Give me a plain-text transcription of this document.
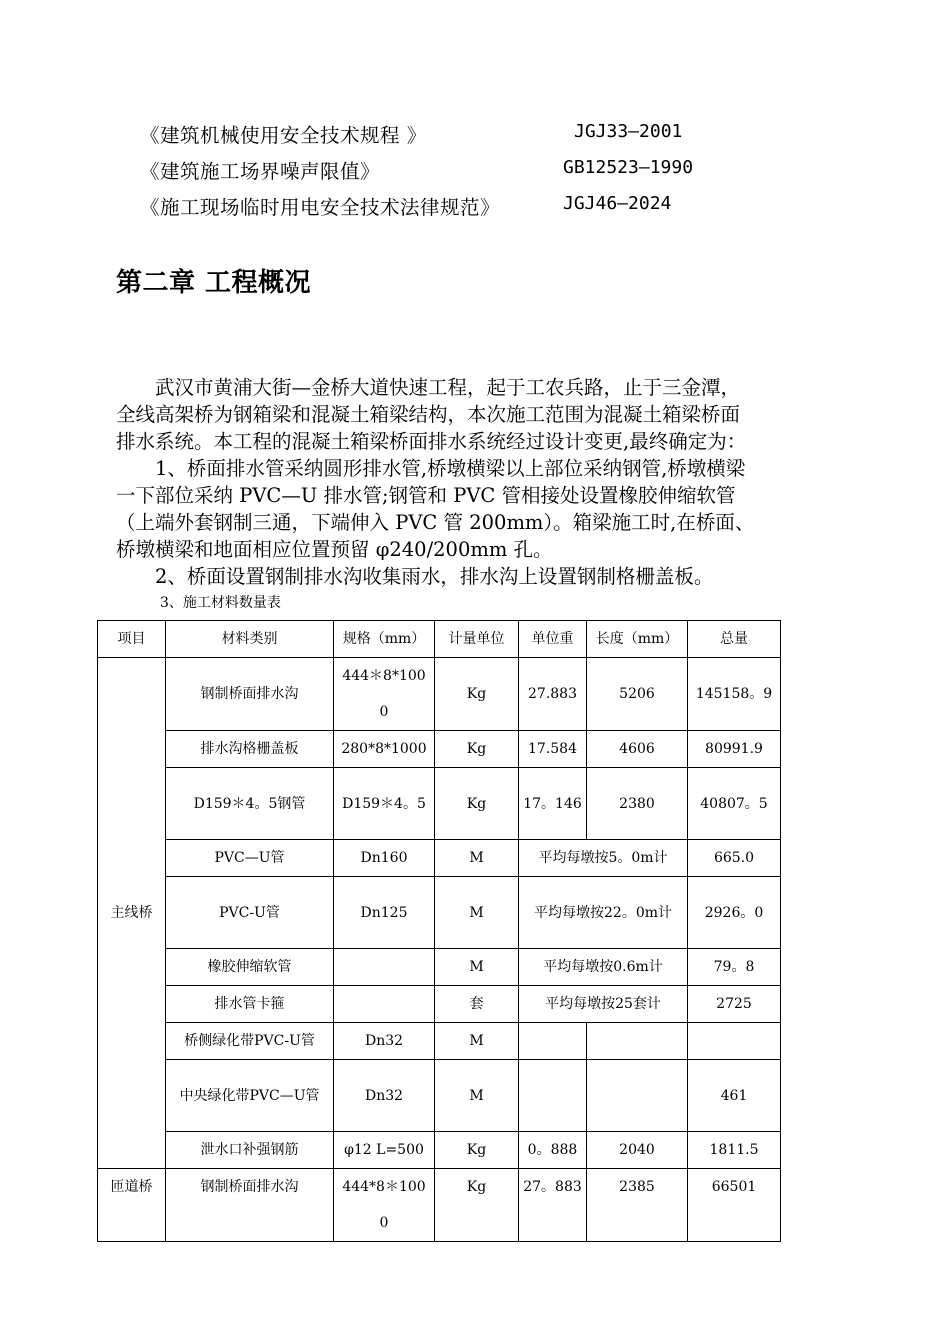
《建筑机械使用安全技术规程 》	JGJ33—2001
《建筑施工场界噪声限值》	GB12523—1990
《施工现场临时用电安全技术法律规范》	JGJ46—2024
第二章 工程概况
　　武汉市黄浦大街—金桥大道快速工程，起于工农兵路，止于三金潭，
全线高架桥为钢箱梁和混凝土箱梁结构，本次施工范围为混凝土箱梁桥面
排水系统。本工程的混凝土箱梁桥面排水系统经过设计变更,最终确定为：
　　1、桥面排水管采纳圆形排水管,桥墩横梁以上部位采纳钢管,桥墩横梁
一下部位采纳 PVC—U 排水管;钢管和 PVC 管相接处设置橡胶伸缩软管
（上端外套钢制三通，下端伸入 PVC 管 200mm）。箱梁施工时,在桥面、
桥墩横梁和地面相应位置预留 φ240/200mm 孔。
　　2、桥面设置钢制排水沟收集雨水，排水沟上设置钢制格栅盖板。
3、施工材料数量表
项目	材料类别	规格（mm）	计量单位	单位重	长度（mm）	总量
主线桥	钢制桥面排水沟	444＊8*1000	Kg	27.883	5206	145158。9
	排水沟格栅盖板	280*8*1000	Kg	17.584	4606	80991.9
	D159＊4。5钢管	D159＊4。5	Kg	17。146	2380	40807。5
	PVC—U管	Dn160	M	平均每墩按5。0m计		665.0
	PVC-U管	Dn125	M	平均每墩按22。0m计		2926。0
	橡胶伸缩软管		M	平均每墩按0.6m计		79。8
	排水管卡箍		套	平均每墩按25套计		2725
	桥侧绿化带PVC-U管	Dn32	M			
	中央绿化带PVC—U管	Dn32	M			461
	泄水口补强钢筋	φ12 L=500	Kg	0。888	2040	1811.5
匝道桥	钢制桥面排水沟	444*8＊1000	Kg	27。883	2385	66501
